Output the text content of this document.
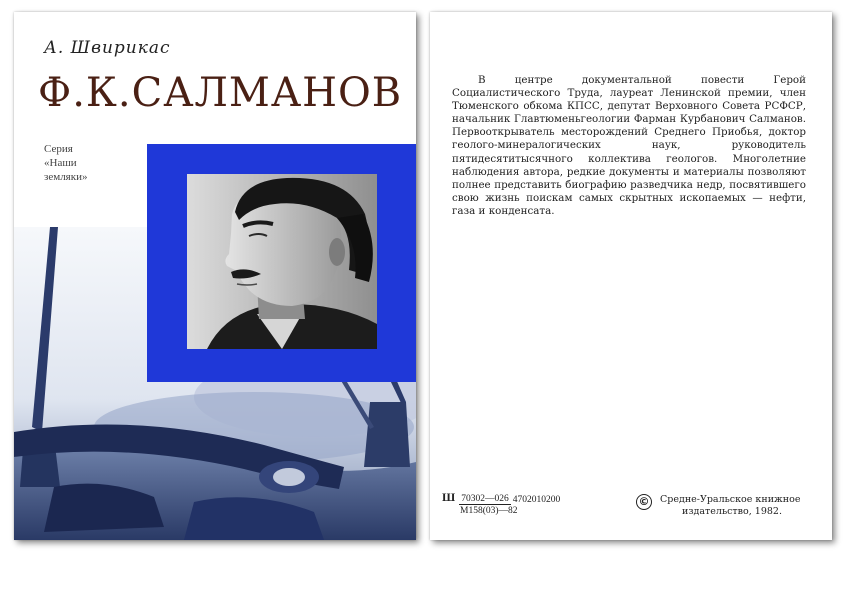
А. Швирикас
Ф.К.САЛМАНОВ
Серия
«Наши
земляки»
В центре документальной повести Герой Социалистического Труда, лауреат Ленинской премии, член Тюменского обкома КПСС, депутат Верховного Совета РСФСР, начальник Главтюменьгеологии Фарман Курбанович Салманов. Первооткрыватель месторождений Среднего Приобья, доктор геолого-минералогических наук, руководитель пятидесятитысячного коллектива геологов. Многолетние наблюдения автора, редкие документы и материалы позволяют полнее представить биографию разведчика недр, посвятившего свою жизнь поискам самых скрытных ископаемых — нефти, газа и конденсата.
Ш 70302—026 4702010200
М158(03)—82
© Средне-Уральское книжное
издательство, 1982.
